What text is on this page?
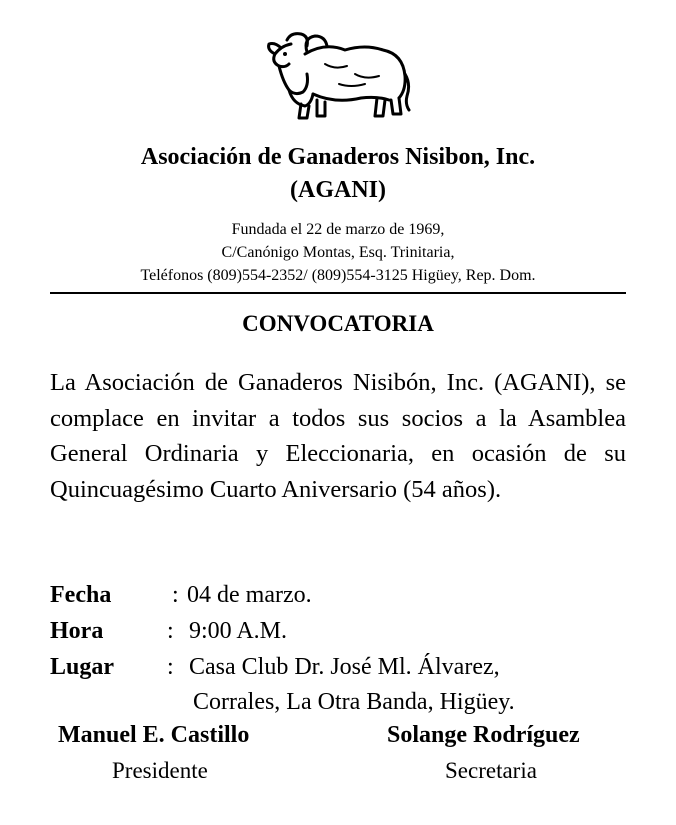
Asociación de Ganaderos Nisibon, Inc.
(AGANI)
Fundada el 22 de marzo de 1969,
C/Canónigo Montas, Esq. Trinitaria,
Teléfonos (809)554-2352/ (809)554-3125 Higüey, Rep. Dom.
CONVOCATORIA
La Asociación de Ganaderos Nisibón, Inc. (AGANI), se complace en invitar a todos sus socios a la Asamblea General Ordinaria y Eleccionaria, en ocasión de su Quincuagésimo Cuarto Aniversario (54 años).
Fecha	: 04 de marzo.
Hora	: 9:00 A.M.
Lugar : Casa Club Dr. José Ml. Álvarez,
Corrales, La Otra Banda, Higüey.
Manuel E. Castillo
Presidente
Solange Rodríguez
Secretaria
